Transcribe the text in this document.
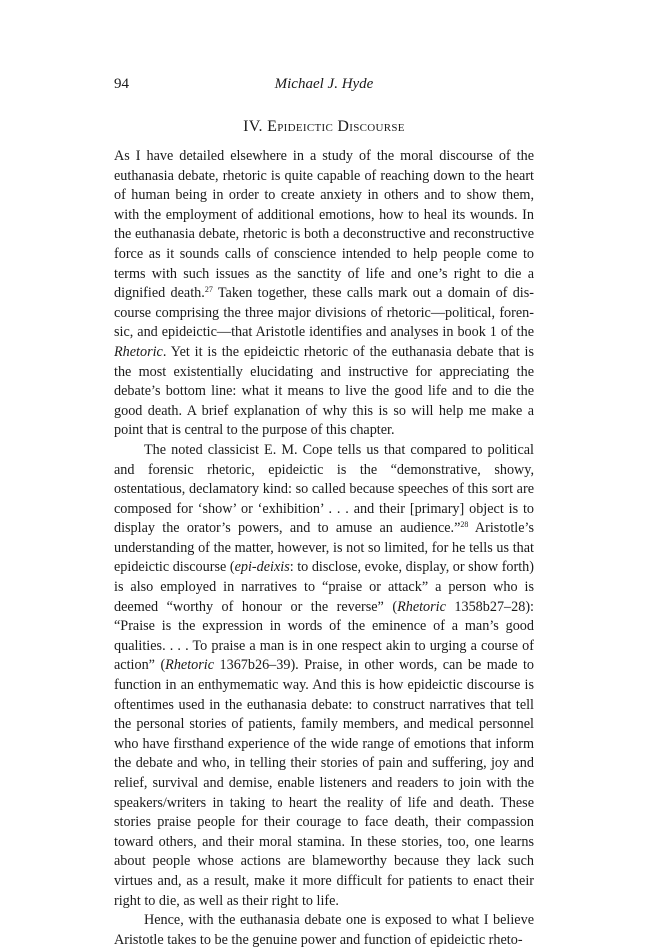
94	Michael J. Hyde
IV. Epideictic Discourse

As I have detailed elsewhere in a study of the moral discourse of the euthanasia debate, rhetoric is quite capable of reaching down to the heart of human being in order to create anxiety in others and to show them, with the employment of additional emotions, how to heal its wounds. In the euthanasia debate, rhetoric is both a deconstructive and reconstructive force as it sounds calls of conscience intended to help people come to terms with such issues as the sanctity of life and one’s right to die a dignified death.$^{27}$ Taken together, these calls mark out a domain of discourse comprising the three major divisions of rhetoric—political, forensic, and epideictic—that Aristotle identifies and analyses in book 1 of the Rhetoric. Yet it is the epideictic rhetoric of the euthanasia debate that is the most existentially elucidating and instructive for appreciating the debate’s bottom line: what it means to live the good life and to die the good death. A brief explanation of why this is so will help me make a point that is central to the purpose of this chapter.

The noted classicist E. M. Cope tells us that compared to political and forensic rhetoric, epideictic is the “demonstrative, showy, ostentatious, declamatory kind: so called because speeches of this sort are composed for ‘show’ or ‘exhibition’ . . . and their [primary] object is to display the orator’s powers, and to amuse an audience.”$^{28}$ Aristotle’s understanding of the matter, however, is not so limited, for he tells us that epideictic discourse (epi-deixis: to disclose, evoke, display, or show forth) is also employed in narratives to “praise or attack” a person who is deemed “worthy of honour or the reverse” (Rhetoric 1358b27–28): “Praise is the expression in words of the eminence of a man’s good qualities. . . . To praise a man is in one respect akin to urging a course of action” (Rhetoric 1367b26–39). Praise, in other words, can be made to function in an enthymematic way. And this is how epideictic discourse is oftentimes used in the euthanasia debate: to construct narratives that tell the personal stories of patients, family members, and medical personnel who have firsthand experience of the wide range of emotions that inform the debate and who, in telling their stories of pain and suffering, joy and relief, survival and demise, enable listeners and readers to join with the speakers/writers in taking to heart the reality of life and death. These stories praise people for their courage to face death, their compassion toward others, and their moral stamina. In these stories, too, one learns about people whose actions are blameworthy because they lack such virtues and, as a result, make it more difficult for patients to enact their right to die, as well as their right to life.

Hence, with the euthanasia debate one is exposed to what I believe Aristotle takes to be the genuine power and function of epideictic rheto-
